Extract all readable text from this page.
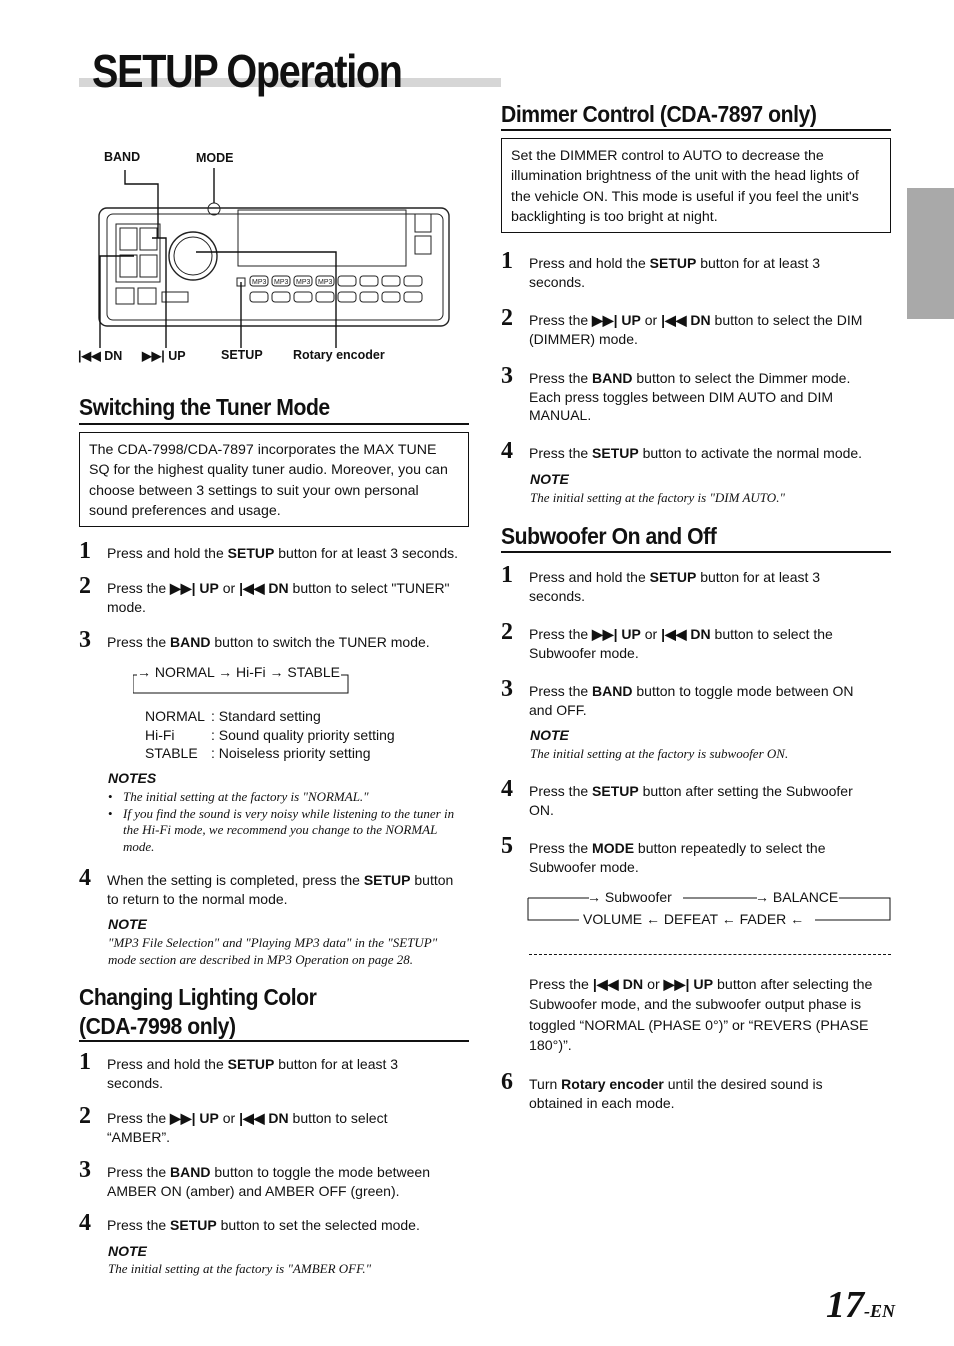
SETUP Operation
MP3 MP3 MP3 MP3
BAND	MODE
|◀◀ DN ▶▶| UP	SETUP Rotary encoder
Switching the Tuner Mode
The CDA-7998/CDA-7897 incorporates the MAX TUNE SQ for the highest quality tuner audio. Moreover, you can choose between 3 settings to suit your own personal sound preferences and usage.
1 Press and hold the SETUP button for at least 3 seconds.
2 Press the ▶▶| UP or |◀◀ DN button to select "TUNER" mode.
3 Press the BAND button to switch the TUNER mode.
→ NORMAL → Hi-Fi → STABLE
NORMAL : Standard setting
Hi-Fi	: Sound quality priority setting
STABLE : Noiseless priority setting
NOTES
• The initial setting at the factory is "NORMAL."
• If you find the sound is very noisy while listening to the tuner in the Hi-Fi mode, we recommend you change to the NORMAL mode.
4 When the setting is completed, press the SETUP button to return to the normal mode.
NOTE
"MP3 File Selection" and "Playing MP3 data" in the "SETUP" mode section are described in MP3 Operation on page 28.
Changing Lighting Color
(CDA-7998 only)
1 Press and hold the SETUP button for at least 3 seconds.
2 Press the ▶▶| UP or |◀◀ DN button to select “AMBER”.
3 Press the BAND button to toggle the mode between AMBER ON (amber) and AMBER OFF (green).
4 Press the SETUP button to set the selected mode.
NOTE
The initial setting at the factory is "AMBER OFF."
Dimmer Control (CDA-7897 only)
Set the DIMMER control to AUTO to decrease the illumination brightness of the unit with the head lights of the vehicle ON. This mode is useful if you feel the unit's backlighting is too bright at night.
1 Press and hold the SETUP button for at least 3 seconds.
2 Press the ▶▶| UP or |◀◀ DN button to select the DIM (DIMMER) mode.
3 Press the BAND button to select the Dimmer mode. Each press toggles between DIM AUTO and DIM MANUAL.
4 Press the SETUP button to activate the normal mode.
NOTE
The initial setting at the factory is "DIM AUTO."
Subwoofer On and Off
1 Press and hold the SETUP button for at least 3 seconds.
2 Press the ▶▶| UP or |◀◀ DN button to select the Subwoofer mode.
3 Press the BAND button to toggle mode between ON and OFF.
NOTE
The initial setting at the factory is subwoofer ON.
4 Press the SETUP button after setting the Subwoofer ON.
5 Press the MODE button repeatedly to select the Subwoofer mode.
→ Subwoofer	→ BALANCE
VOLUME ← DEFEAT ← FADER ←
Press the |◀◀ DN or ▶▶| UP button after selecting the Subwoofer mode, and the subwoofer output phase is toggled “NORMAL (PHASE 0°)” or “REVERS (PHASE 180°)”.
6 Turn Rotary encoder until the desired sound is obtained in each mode.
17-EN
